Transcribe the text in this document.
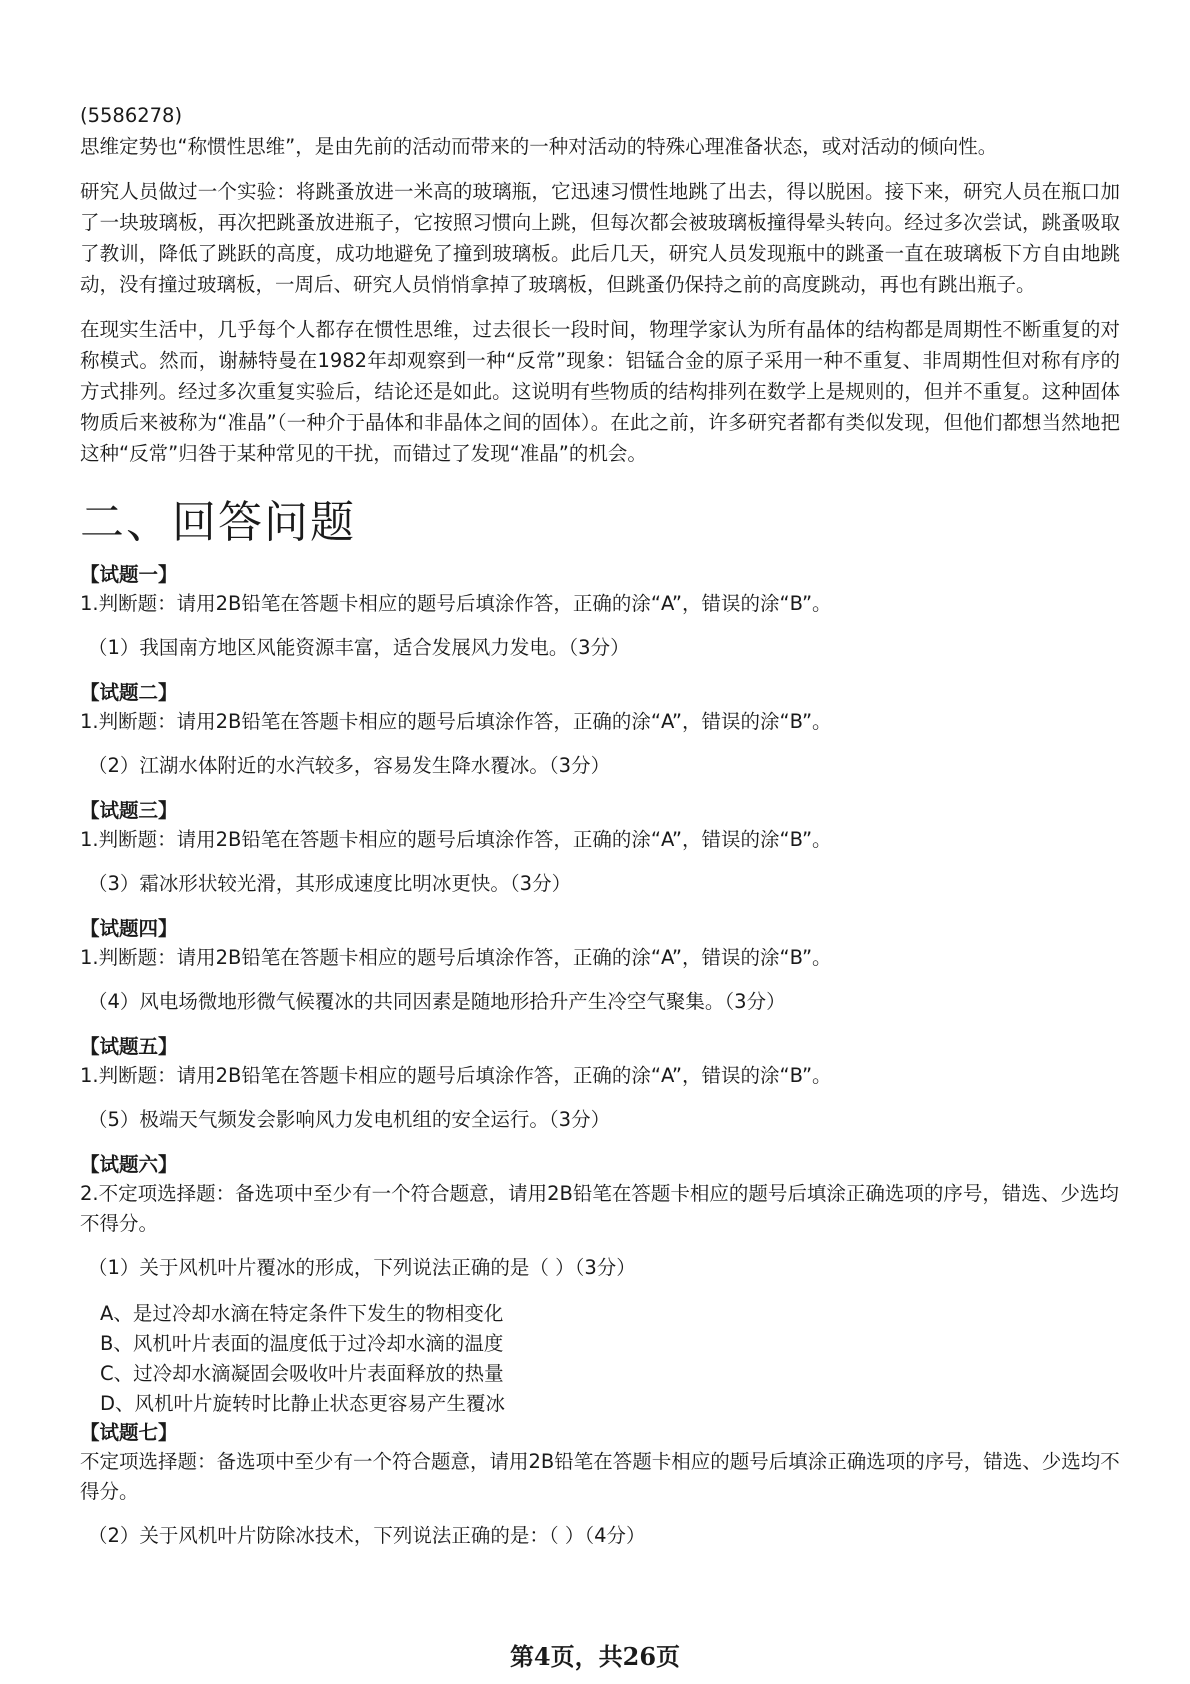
(5586278)

思维定势也“称惯性思维”，是由先前的活动而带来的一种对活动的特殊心理准备状态，或对活动的倾向性。

研究人员做过一个实验：将跳蚤放进一米高的玻璃瓶，它迅速习惯性地跳了出去，得以脱困。接下来，研究人员在瓶口加了一块玻璃板，再次把跳蚤放进瓶子，它按照习惯向上跳，但每次都会被玻璃板撞得晕头转向。经过多次尝试，跳蚤吸取了教训，降低了跳跃的高度，成功地避免了撞到玻璃板。此后几天，研究人员发现瓶中的跳蚤一直在玻璃板下方自由地跳动，没有撞过玻璃板，一周后、研究人员悄悄拿掉了玻璃板，但跳蚤仍保持之前的高度跳动，再也有跳出瓶子。

在现实生活中，几乎每个人都存在惯性思维，过去很长一段时间，物理学家认为所有晶体的结构都是周期性不断重复的对称模式。然而，谢赫特曼在1982年却观察到一种“反常”现象：铝锰合金的原子采用一种不重复、非周期性但对称有序的方式排列。经过多次重复实验后，结论还是如此。这说明有些物质的结构排列在数学上是规则的，但并不重复。这种固体物质后来被称为“准晶”（一种介于晶体和非晶体之间的固体）。在此之前，许多研究者都有类似发现，但他们都想当然地把这种“反常”归咎于某种常见的干扰，而错过了发现“准晶”的机会。

二、回答问题

【试题一】

1.判断题：请用2B铅笔在答题卡相应的题号后填涂作答，正确的涂“A”，错误的涂“B”。

（1）我国南方地区风能资源丰富，适合发展风力发电。（3分）

【试题二】

1.判断题：请用2B铅笔在答题卡相应的题号后填涂作答，正确的涂“A”，错误的涂“B”。

（2）江湖水体附近的水汽较多，容易发生降水覆冰。（3分）

【试题三】

1.判断题：请用2B铅笔在答题卡相应的题号后填涂作答，正确的涂“A”，错误的涂“B”。

（3）霜冰形状较光滑，其形成速度比明冰更快。（3分）

【试题四】

1.判断题：请用2B铅笔在答题卡相应的题号后填涂作答，正确的涂“A”，错误的涂“B”。

（4）风电场微地形微气候覆冰的共同因素是随地形拾升产生冷空气聚集。（3分）

【试题五】

1.判断题：请用2B铅笔在答题卡相应的题号后填涂作答，正确的涂“A”，错误的涂“B”。

（5）极端天气频发会影响风力发电机组的安全运行。（3分）

【试题六】

2.不定项选择题：备选项中至少有一个符合题意，请用2B铅笔在答题卡相应的题号后填涂正确选项的序号，错选、少选均不得分。

（1）关于风机叶片覆冰的形成，下列说法正确的是（ ）（3分）

A、是过冷却水滴在特定条件下发生的物相变化

B、风机叶片表面的温度低于过冷却水滴的温度

C、过冷却水滴凝固会吸收叶片表面释放的热量

D、风机叶片旋转时比静止状态更容易产生覆冰

【试题七】

不定项选择题：备选项中至少有一个符合题意，请用2B铅笔在答题卡相应的题号后填涂正确选项的序号，错选、少选均不得分。

（2）关于风机叶片防除冰技术，下列说法正确的是：（ ）（4分）

第4页，共26页
